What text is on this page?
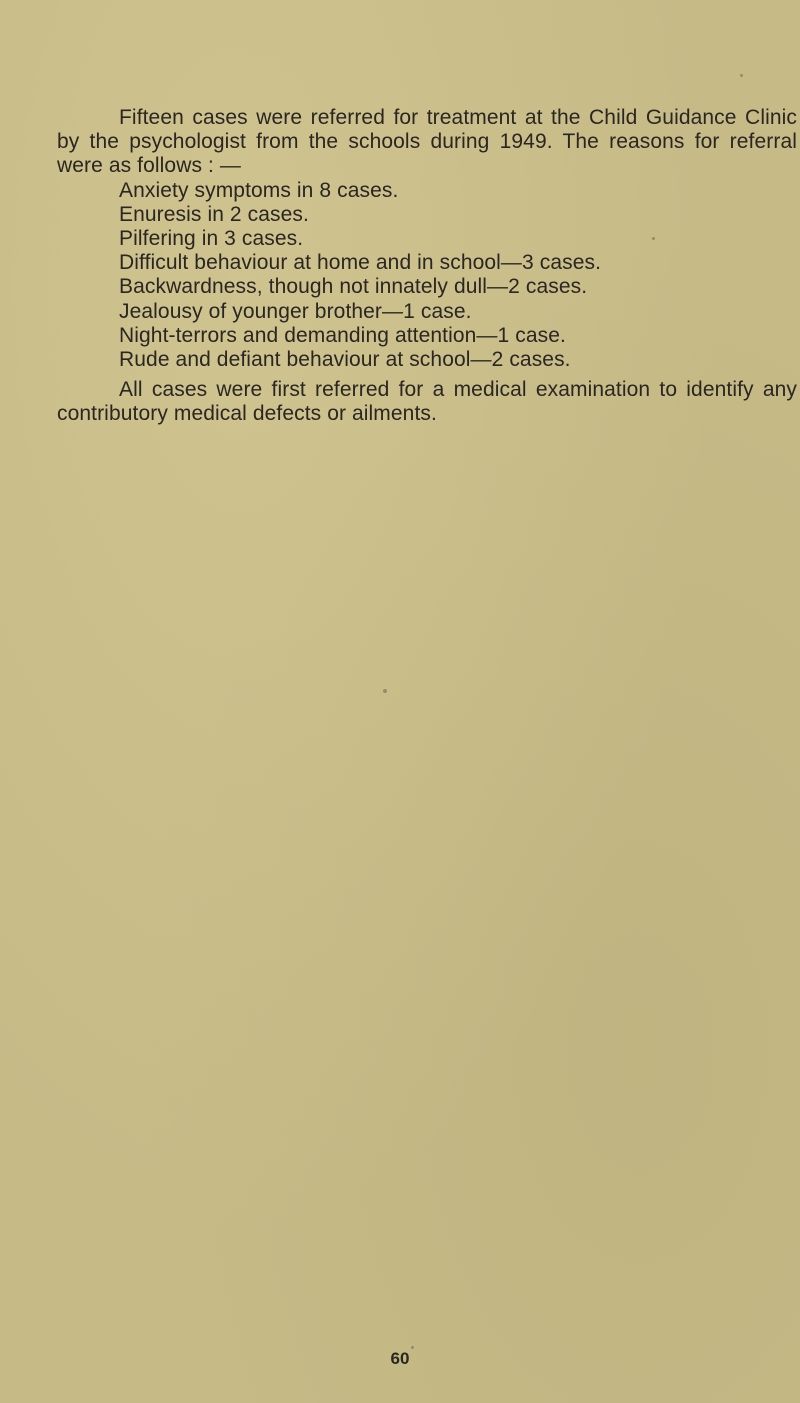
Fifteen cases were referred for treatment at the Child Guidance Clinic by the psychologist from the schools during 1949. The reasons for referral were as follows : —

Anxiety symptoms in 8 cases.
Enuresis in 2 cases.
Pilfering in 3 cases.
Difficult behaviour at home and in school—3 cases.
Backwardness, though not innately dull—2 cases.
Jealousy of younger brother—1 case.
Night-terrors and demanding attention—1 case.
Rude and defiant behaviour at school—2 cases.

All cases were first referred for a medical examination to identify any contributory medical defects or ailments.

60
